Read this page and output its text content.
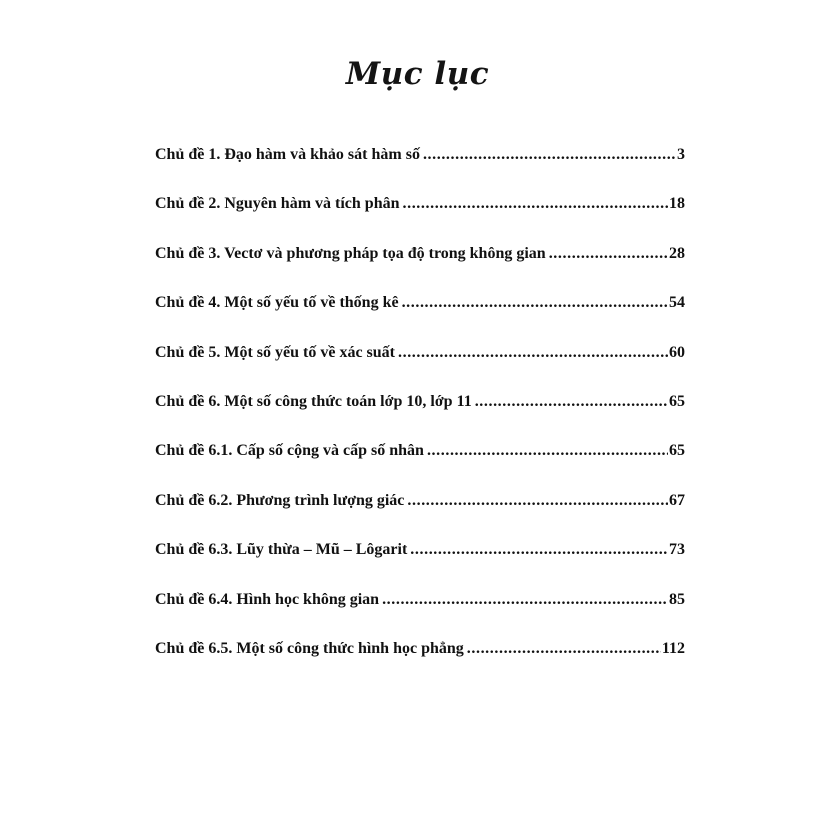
Mục lục
Chủ đề 1. Đạo hàm và khảo sát hàm số .....	3
Chủ đề 2. Nguyên hàm và tích phân .....	18
Chủ đề 3. Vectơ và phương pháp tọa độ trong không gian .....	28
Chủ đề 4. Một số yếu tố về thống kê .....	54
Chủ đề 5. Một số yếu tố về xác suất .....	60
Chủ đề 6. Một số công thức toán lớp 10, lớp 11 .....	65
Chủ đề 6.1. Cấp số cộng và cấp số nhân .....	65
Chủ đề 6.2. Phương trình lượng giác .....	67
Chủ đề 6.3. Lũy thừa – Mũ – Lôgarit .....	73
Chủ đề 6.4. Hình học không gian .....	85
Chủ đề 6.5. Một số công thức hình học phẳng .....	112
